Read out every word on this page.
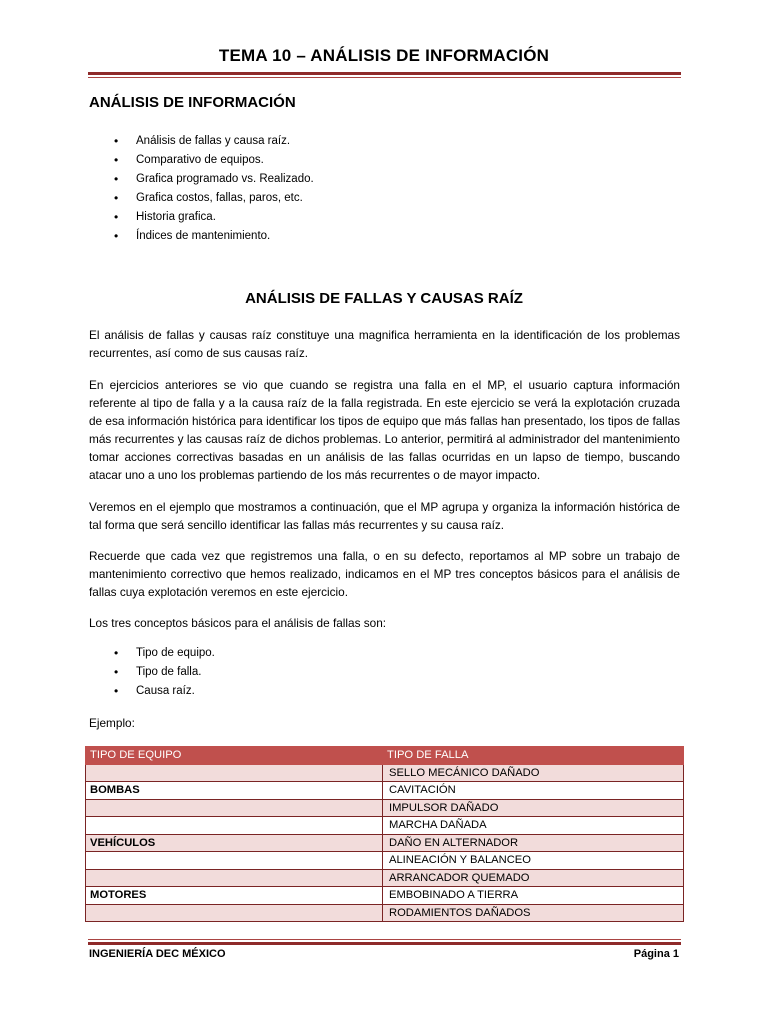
TEMA 10 – ANÁLISIS DE INFORMACIÓN
ANÁLISIS DE INFORMACIÓN
• Análisis de fallas y causa raíz.
• Comparativo de equipos.
• Grafica programado vs. Realizado.
• Grafica costos, fallas, paros, etc.
• Historia grafica.
• Índices de mantenimiento.
ANÁLISIS DE FALLAS Y CAUSAS RAÍZ

El análisis de fallas y causas raíz constituye una magnifica herramienta en la identificación de los problemas recurrentes, así como de sus causas raíz.

En ejercicios anteriores se vio que cuando se registra una falla en el MP, el usuario captura información referente al tipo de falla y a la causa raíz de la falla registrada. En este ejercicio se verá la explotación cruzada de esa información histórica para identificar los tipos de equipo que más fallas han presentado, los tipos de fallas más recurrentes y las causas raíz de dichos problemas. Lo anterior, permitirá al administrador del mantenimiento tomar acciones correctivas basadas en un análisis de las fallas ocurridas en un lapso de tiempo, buscando atacar uno a uno los problemas partiendo de los más recurrentes o de mayor impacto.

Veremos en el ejemplo que mostramos a continuación, que el MP agrupa y organiza la información histórica de tal forma que será sencillo identificar las fallas más recurrentes y su causa raíz.

Recuerde que cada vez que registremos una falla, o en su defecto, reportamos al MP sobre un trabajo de mantenimiento correctivo que hemos realizado, indicamos en el MP tres conceptos básicos para el análisis de fallas cuya explotación veremos en este ejercicio.

Los tres conceptos básicos para el análisis de fallas son:

• Tipo de equipo.
• Tipo de falla.
• Causa raíz.

Ejemplo:

TIPO DE EQUIPO	TIPO DE FALLA
	SELLO MECÁNICO DAÑADO
BOMBAS	CAVITACIÓN
	IMPULSOR DAÑADO
	MARCHA DAÑADA
VEHÍCULOS	DAÑO EN ALTERNADOR
	ALINEACIÓN Y BALANCEO
	ARRANCADOR QUEMADO
MOTORES	EMBOBINADO A TIERRA
	RODAMIENTOS DAÑADOS
INGENIERÍA DEC MÉXICO	Página 1
